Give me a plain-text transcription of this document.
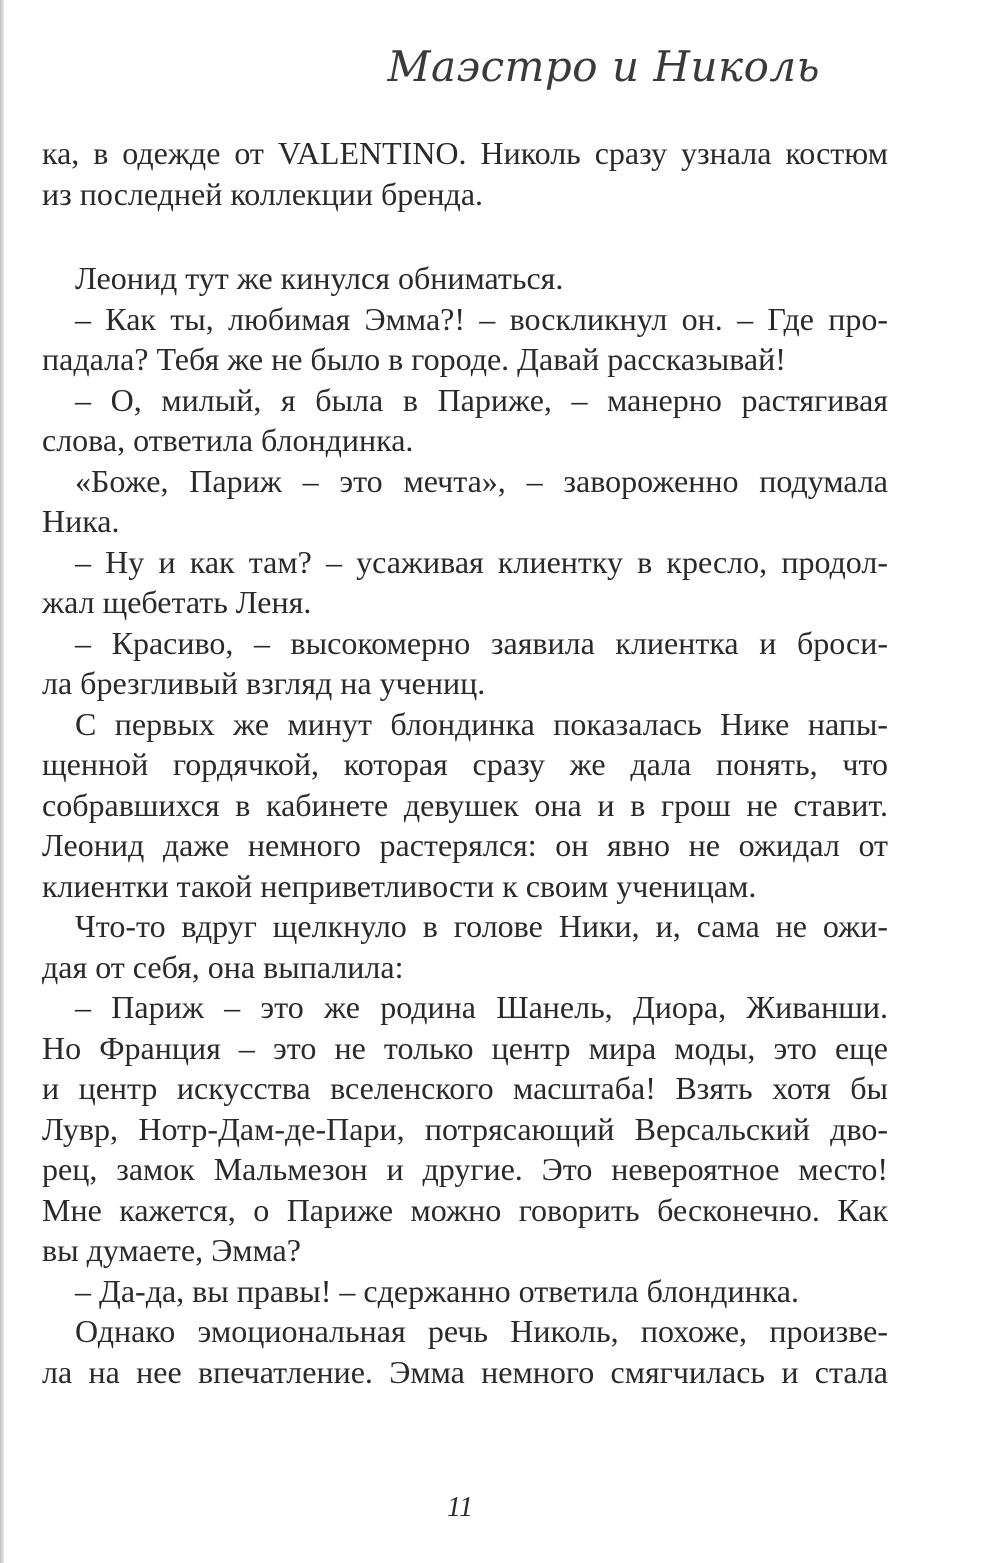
Маэстро и Николь
ка, в одежде от VALENTINO. Николь сразу узнала костюм
из последней коллекции бренда.
Леонид тут же кинулся обниматься.
– Как ты, любимая Эмма?! – воскликнул он. – Где про-
падала? Тебя же не было в городе. Давай рассказывай!
– О, милый, я была в Париже, – манерно растягивая
слова, ответила блондинка.
«Боже, Париж – это мечта», – завороженно подумала
Ника.
– Ну и как там? – усаживая клиентку в кресло, продол-
жал щебетать Леня.
– Красиво, – высокомерно заявила клиентка и броси-
ла брезгливый взгляд на учениц.
С первых же минут блондинка показалась Нике напы-
щенной гордячкой, которая сразу же дала понять, что
собравшихся в кабинете девушек она и в грош не ставит.
Леонид даже немного растерялся: он явно не ожидал от
клиентки такой неприветливости к своим ученицам.
Что-то вдруг щелкнуло в голове Ники, и, сама не ожи-
дая от себя, она выпалила:
– Париж – это же родина Шанель, Диора, Живанши.
Но Франция – это не только центр мира моды, это еще
и центр искусства вселенского масштаба! Взять хотя бы
Лувр, Нотр-Дам-де-Пари, потрясающий Версальский дво-
рец, замок Мальмезон и другие. Это невероятное место!
Мне кажется, о Париже можно говорить бесконечно. Как
вы думаете, Эмма?
– Да-да, вы правы! – сдержанно ответила блондинка.
Однако эмоциональная речь Николь, похоже, произве-
ла на нее впечатление. Эмма немного смягчилась и стала
11
